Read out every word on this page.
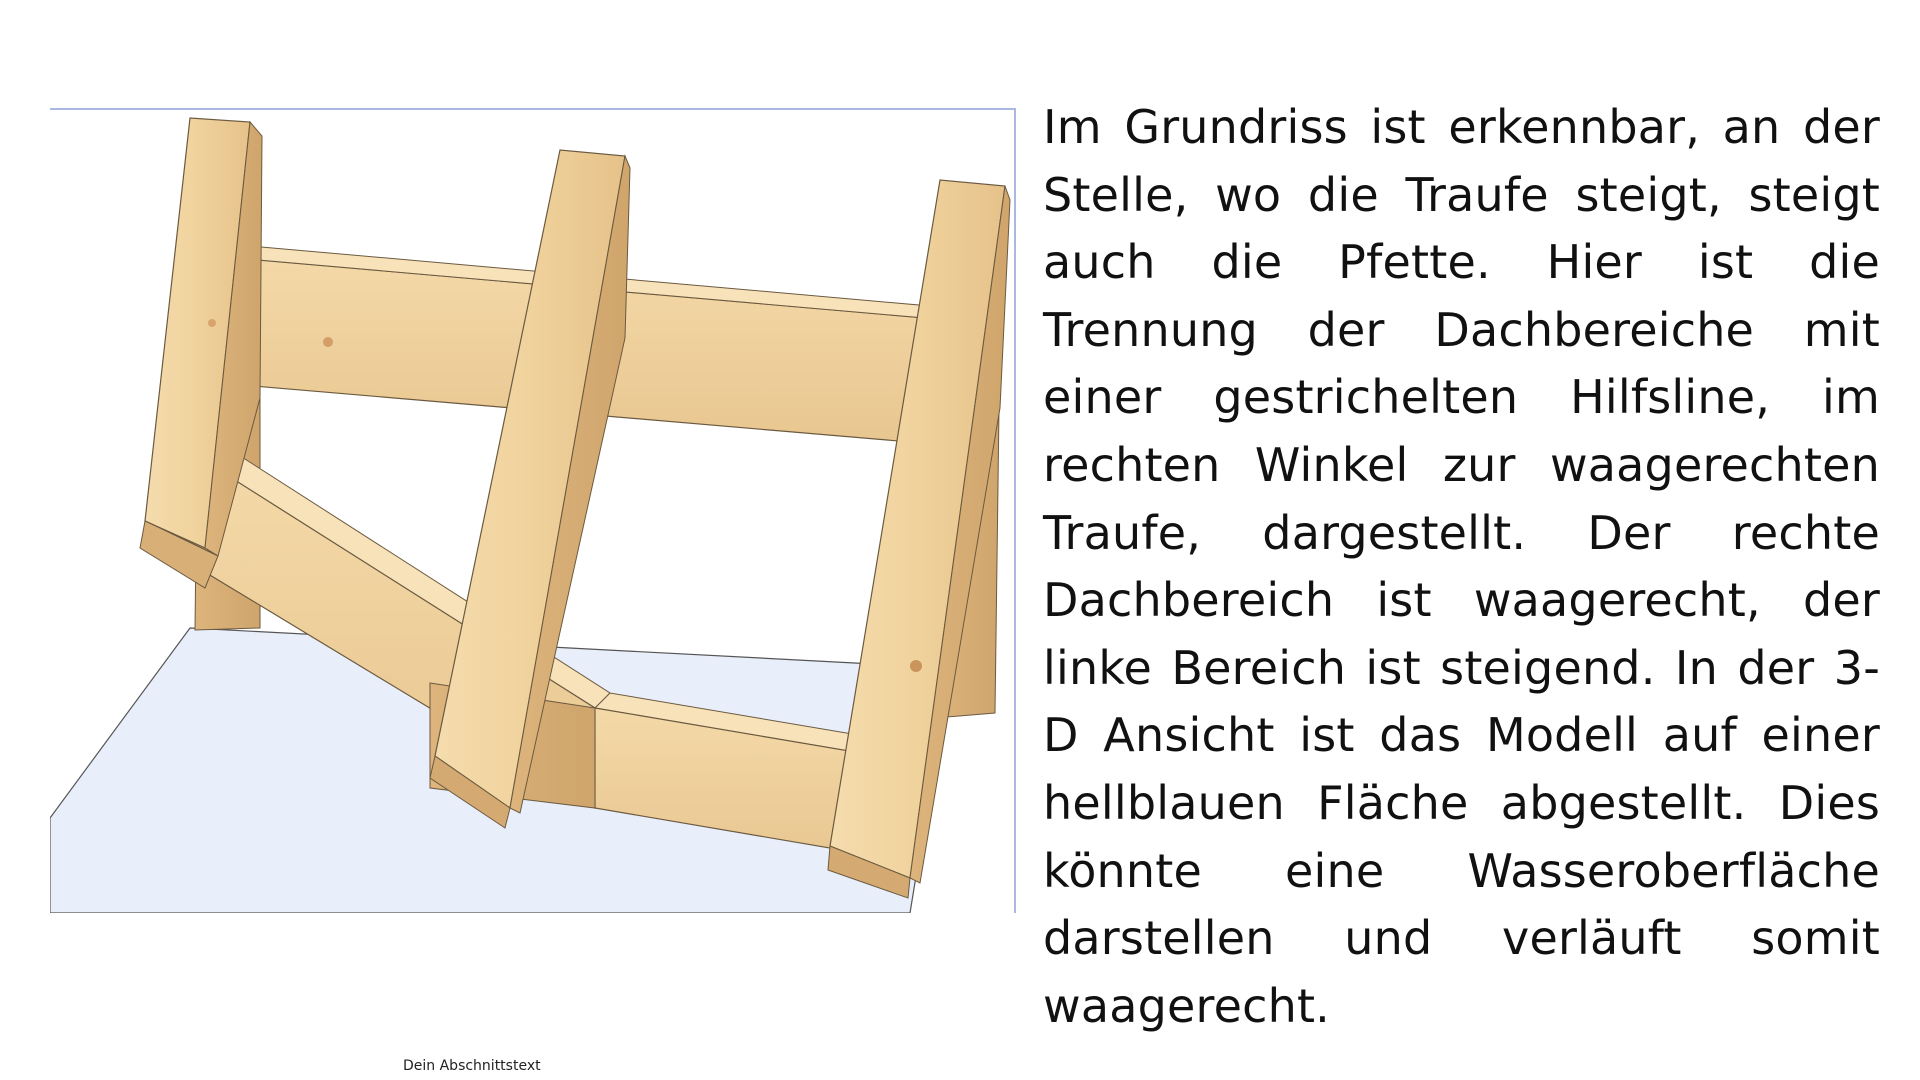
Im Grundriss ist erkennbar, an der Stelle, wo die Traufe steigt, steigt auch die Pfette. Hier ist die Trennung der Dachbereiche mit einer gestrichelten Hilfsline, im rechten Winkel zur waagerechten Traufe, dargestellt. Der rechte Dachbereich ist waagerecht, der linke Bereich ist steigend. In der 3-D Ansicht ist das Modell auf einer hellblauen Fläche abgestellt. Dies könnte eine Wasseroberfläche darstellen und verläuft somit waagerecht.

Dein Abschnittstext
